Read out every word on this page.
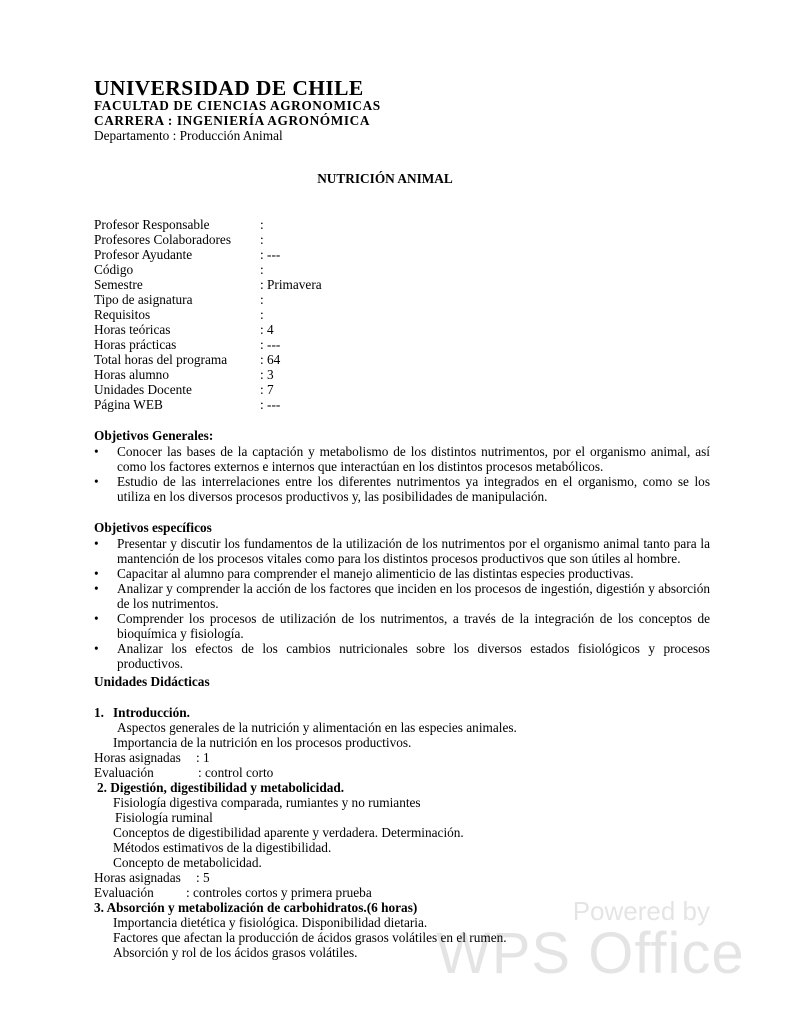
UNIVERSIDAD DE CHILE
FACULTAD DE CIENCIAS AGRONOMICAS
CARRERA : INGENIERÍA AGRONÓMICA
Departamento : Producción Animal
NUTRICIÓN ANIMAL
Profesor Responsable	:
Profesores Colaboradores :
Profesor Ayudante	: ---
Código	:
Semestre	: Primavera
Tipo de asignatura	:
Requisitos	:
Horas teóricas	: 4
Horas prácticas	: ---
Total horas del programa : 64
Horas alumno	: 3
Unidades Docente	: 7
Página WEB	: ---
Objetivos Generales:
• Conocer las bases de la captación y metabolismo de los distintos nutrimentos, por el organismo animal, así como los factores externos e internos que interactúan en los distintos procesos metabólicos.
• Estudio de las interrelaciones entre los diferentes nutrimentos ya integrados en el organismo, como se los utiliza en los diversos procesos productivos y, las posibilidades de manipulación.
Objetivos específicos
• Presentar y discutir los fundamentos de la utilización de los nutrimentos por el organismo animal tanto para la mantención de los procesos vitales como para los distintos procesos productivos que son útiles al hombre.
• Capacitar al alumno para comprender el manejo alimenticio de las distintas especies productivas.
• Analizar y comprender la acción de los factores que inciden en los procesos de ingestión, digestión y absorción de los nutrimentos.
• Comprender los procesos de utilización de los nutrimentos, a través de la integración de los conceptos de bioquímica y fisiología.
• Analizar los efectos de los cambios nutricionales sobre los diversos estados fisiológicos y procesos productivos.
Unidades Didácticas
1. Introducción.
Aspectos generales de la nutrición y alimentación en las especies animales.
Importancia de la nutrición en los procesos productivos.
Horas asignadas : 1
Evaluación	: control corto
2. Digestión, digestibilidad y metabolicidad.
Fisiología digestiva comparada, rumiantes y no rumiantes
Fisiología ruminal
Conceptos de digestibilidad aparente y verdadera. Determinación.
Métodos estimativos de la digestibilidad.
Concepto de metabolicidad.
Horas asignadas : 5
Evaluación : controles cortos y primera prueba
3. Absorción y metabolización de carbohidratos.(6 horas)
Importancia dietética y fisiológica. Disponibilidad dietaria.
Factores que afectan la producción de ácidos grasos volátiles en el rumen.
Absorción y rol de los ácidos grasos volátiles.
Powered by
WPS Office
